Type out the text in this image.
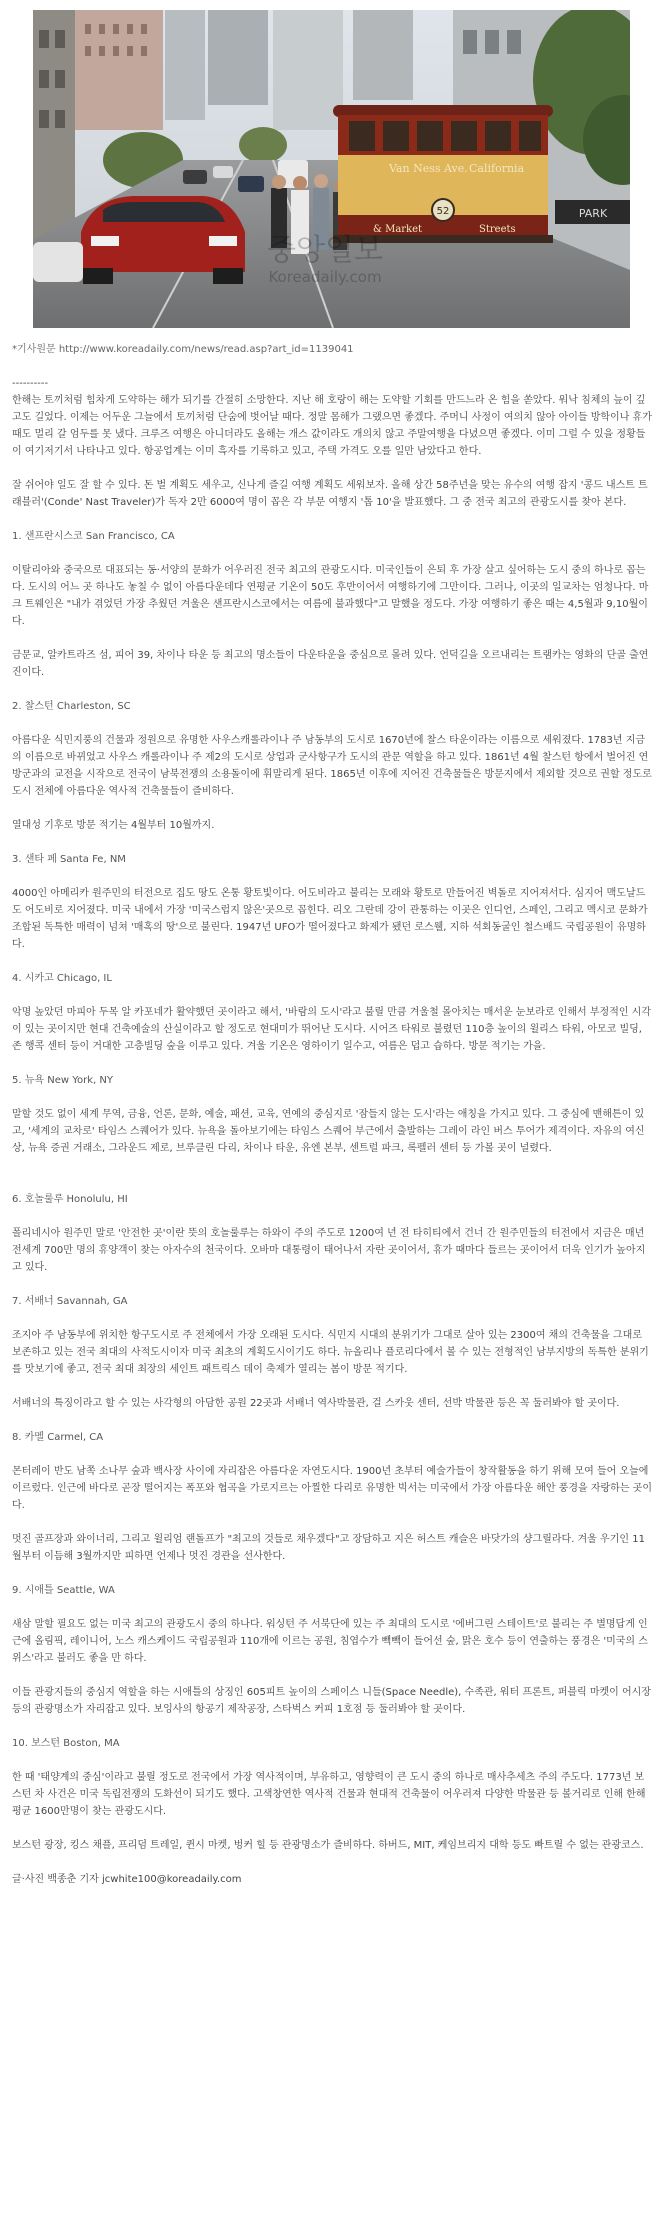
52
Van Ness Ave. California
& Market	Streets
PARK
중앙일보
Koreadaily.com

*기사원문 http://www.koreadaily.com/news/read.asp?art_id=1139041

----------

한해는 토끼처럼 힘차게 도약하는 해가 되기를 간절히 소망한다. 지난 해 호랑이 해는 도약할 기회를 만드느라 온 힘을 쏟았다. 워낙 침체의 늪이 깊고도 길었다. 이제는 어두운 그늘에서 토끼처럼 단숨에 벗어날 때다. 정말 몸해가 그랬으면 좋겠다. 주머니 사정이 여의치 않아 아이들 방학이나 휴가 때도 멀리 갈 엄두를 못 냈다. 크루즈 여행은 아니더라도 올해는 개스 값이라도 개의치 않고 주말여행을 다녔으면 좋겠다. 이미 그럴 수 있을 정황들이 여기저기서 나타나고 있다. 항공업계는 이미 흑자를 기록하고 있고, 주택 가격도 오를 일만 남았다고 한다.

잘 쉬어야 일도 잘 할 수 있다. 돈 벌 계획도 세우고, 신나게 즐길 여행 계획도 세워보자. 올해 상간 58주년을 맞는 유수의 여행 잡지 '콩드 내스트 트래블러'(Conde' Nast Traveler)가 독자 2만 6000여 명이 꼽은 각 부문 여행지 '톱 10'을 발표했다. 그 중 전국 최고의 관광도시를 찾아 본다.

1. 샌프란시스코 San Francisco, CA

이탈리아와 중국으로 대표되는 동·서양의 문화가 어우러진 전국 최고의 관광도시다. 미국인들이 은퇴 후 가장 살고 싶어하는 도시 중의 하나로 꼽는다. 도시의 어느 곳 하나도 놓칠 수 없이 아름다운데다 연평균 기온이 50도 후반이어서 여행하기에 그만이다. 그러나, 이곳의 일교차는 엄청나다. 마크 트웨인은 "내가 겪었던 가장 추웠던 겨울은 샌프란시스코에서는 여름에 불과했다"고 말했을 정도다. 가장 여행하기 좋은 때는 4,5월과 9,10월이다.

금문교, 알카트라즈 섬, 피어 39, 차이나 타운 등 최고의 명소들이 다운타운을 중심으로 몰려 있다. 언덕길을 오르내리는 트램카는 영화의 단골 출연진이다.

2. 찰스턴 Charleston, SC

아름다운 식민지풍의 건물과 정원으로 유명한 사우스캐롤라이나 주 남동부의 도시로 1670년에 찰스 타운이라는 이름으로 세워졌다. 1783년 지금의 이름으로 바뀌었고 사우스 캐롤라이나 주 제2의 도시로 상업과 군사항구가 도시의 관문 역할을 하고 있다. 1861년 4월 찰스턴 항에서 벌어진 연방군과의 교전을 시작으로 전국이 남북전쟁의 소용돌이에 휘말리게 된다. 1865년 이후에 지어진 건축물들은 방문지에서 제외할 것으로 권할 정도로 도시 전체에 아름다운 역사적 건축물들이 즐비하다.

열대성 기후로 방문 적기는 4월부터 10월까지.

3. 샌타 페 Santa Fe, NM

4000인 아메리카 원주민의 터전으로 집도 땅도 온통 황토빛이다. 어도비라고 불리는 모래와 황토로 만들어진 벽돌로 지어져서다. 심지어 맥도날드도 어도비로 지어졌다. 미국 내에서 가장 '미국스럽지 않은'곳으로 꼽힌다. 리오 그란데 강이 관통하는 이곳은 인디언, 스페인, 그리고 멕시코 문화가 조합된 독특한 매력이 넘쳐 '매혹의 땅'으로 불린다. 1947년 UFO가 떨어졌다고 화제가 됐던 로스웰, 지하 석회동굴인 철스배드 국립공원이 유명하다.

4. 시카고 Chicago, IL

악명 높았던 마피아 두목 알 카포네가 활약했던 곳이라고 해서, '바람의 도시'라고 불릴 만큼 겨울철 몰아치는 매서운 눈보라로 인해서 부정적인 시각이 있는 곳이지만 현대 건축예술의 산실이라고 할 정도로 현대미가 뛰어난 도시다. 시어즈 타워로 불렸던 110층 높이의 윌리스 타워, 아모코 빌딩, 존 행콕 센터 등이 거대한 고층빌딩 숲을 이루고 있다. 겨울 기온은 영하이기 일수고, 여름은 덥고 습하다. 방문 적기는 가을.

5. 뉴욕 New York, NY

말할 것도 없이 세계 무역, 금융, 언론, 문화, 예술, 패션, 교육, 연예의 중심지로 '잠들지 않는 도시'라는 애칭을 가지고 있다. 그 중심에 맨해튼이 있고, '세계의 교차로' 타임스 스퀘어가 있다. 뉴욕을 돌아보기에는 타임스 스퀘어 부근에서 출발하는 그레이 라인 버스 투어가 제격이다. 자유의 여신상, 뉴욕 증권 거래소, 그라운드 제로, 브루클린 다리, 차이나 타운, 유엔 본부, 센트럴 파크, 록펠러 센터 등 가볼 곳이 널렸다.

6. 호놀룰루 Honolulu, HI

폴리네시아 원주민 말로 '안전한 곳'이란 뜻의 호놀룰루는 하와이 주의 주도로 1200여 년 전 타히티에서 건너 간 원주민들의 터전에서 지금은 매년 전세계 700만 명의 휴양객이 찾는 아자수의 천국이다. 오바마 대통령이 태어나서 자란 곳이어서, 휴가 때마다 들르는 곳이어서 더욱 인기가 높아지고 있다.

7. 서배너 Savannah, GA

조지아 주 남동부에 위치한 항구도시로 주 전체에서 가장 오래된 도시다. 식민지 시대의 분위기가 그대로 살아 있는 2300여 채의 건축물을 그대로 보존하고 있는 전국 최대의 사적도시이자 미국 최초의 계획도시이기도 하다. 뉴올리나 플로리다에서 볼 수 있는 전형적인 남부지방의 독특한 분위기를 맛보기에 좋고, 전국 최대 최장의 세인트 패트릭스 데이 축제가 열리는 봄이 방문 적기다.

서배너의 특징이라고 할 수 있는 사각형의 아담한 공원 22곳과 서배너 역사박물관, 걸 스카웃 센터, 선박 박물관 등은 꼭 둘러봐야 할 곳이다.

8. 카멜 Carmel, CA

몬터레이 반도 남쪽 소나무 숲과 백사장 사이에 자리잡은 아름다운 자연도시다. 1900년 초부터 예술가들이 창작활동을 하기 위해 모여 들어 오늘에 이르렀다. 인근에 바다로 곧장 떨어지는 폭포와 협곡을 가로지르는 아찔한 다리로 유명한 빅서는 미국에서 가장 아름다운 해안 풍경을 자랑하는 곳이다.

멋진 골프장과 와이너리, 그리고 윌리엄 랜돌프가 "최고의 것들로 채우겠다"고 장담하고 지은 허스트 캐슬은 바닷가의 샹그릴라다. 겨울 우기인 11월부터 이듬해 3월까지만 피하면 언제나 멋진 경관을 선사한다.

9. 시애틀 Seattle, WA

새삼 말할 필요도 없는 미국 최고의 관광도시 중의 하나다. 워싱턴 주 서북단에 있는 주 최대의 도시로 '에버그린 스테이트'로 불리는 주 별명답게 인근에 올림픽, 레이니어, 노스 캐스케이드 국립공원과 110개에 이르는 공원, 침엽수가 빽빽이 들어선 숲, 맑은 호수 등이 연출하는 풍경은 '미국의 스위스'라고 불러도 좋을 만 하다.

이들 관광지들의 중심지 역할을 하는 시애틀의 상징인 605피트 높이의 스페이스 니들(Space Needle), 수족관, 워터 프론트, 퍼블릭 마켓이 어시장 등의 관광명소가 자리잡고 있다. 보잉사의 항공기 제작공장, 스타벅스 커피 1호점 등 둘러봐야 할 곳이다.

10. 보스턴 Boston, MA

한 때 '태양계의 중심'이라고 불릴 정도로 전국에서 가장 역사적이며, 부유하고, 영향력이 큰 도시 중의 하나로 매사추세츠 주의 주도다. 1773년 보스턴 차 사건은 미국 독립전쟁의 도화선이 되기도 했다. 고색창연한 역사적 건물과 현대적 건축물이 어우러져 다양한 박물관 등 볼거리로 인해 한해 평균 1600만명이 찾는 관광도시다.

보스턴 광장, 킹스 채플, 프리덤 트레일, 퀸시 마켓, 벙커 힐 등 관광명소가 즐비하다. 하버드, MIT, 케임브리지 대학 등도 빠트릴 수 없는 관광코스.

글·사진 백종춘 기자 jcwhite100@koreadaily.com
